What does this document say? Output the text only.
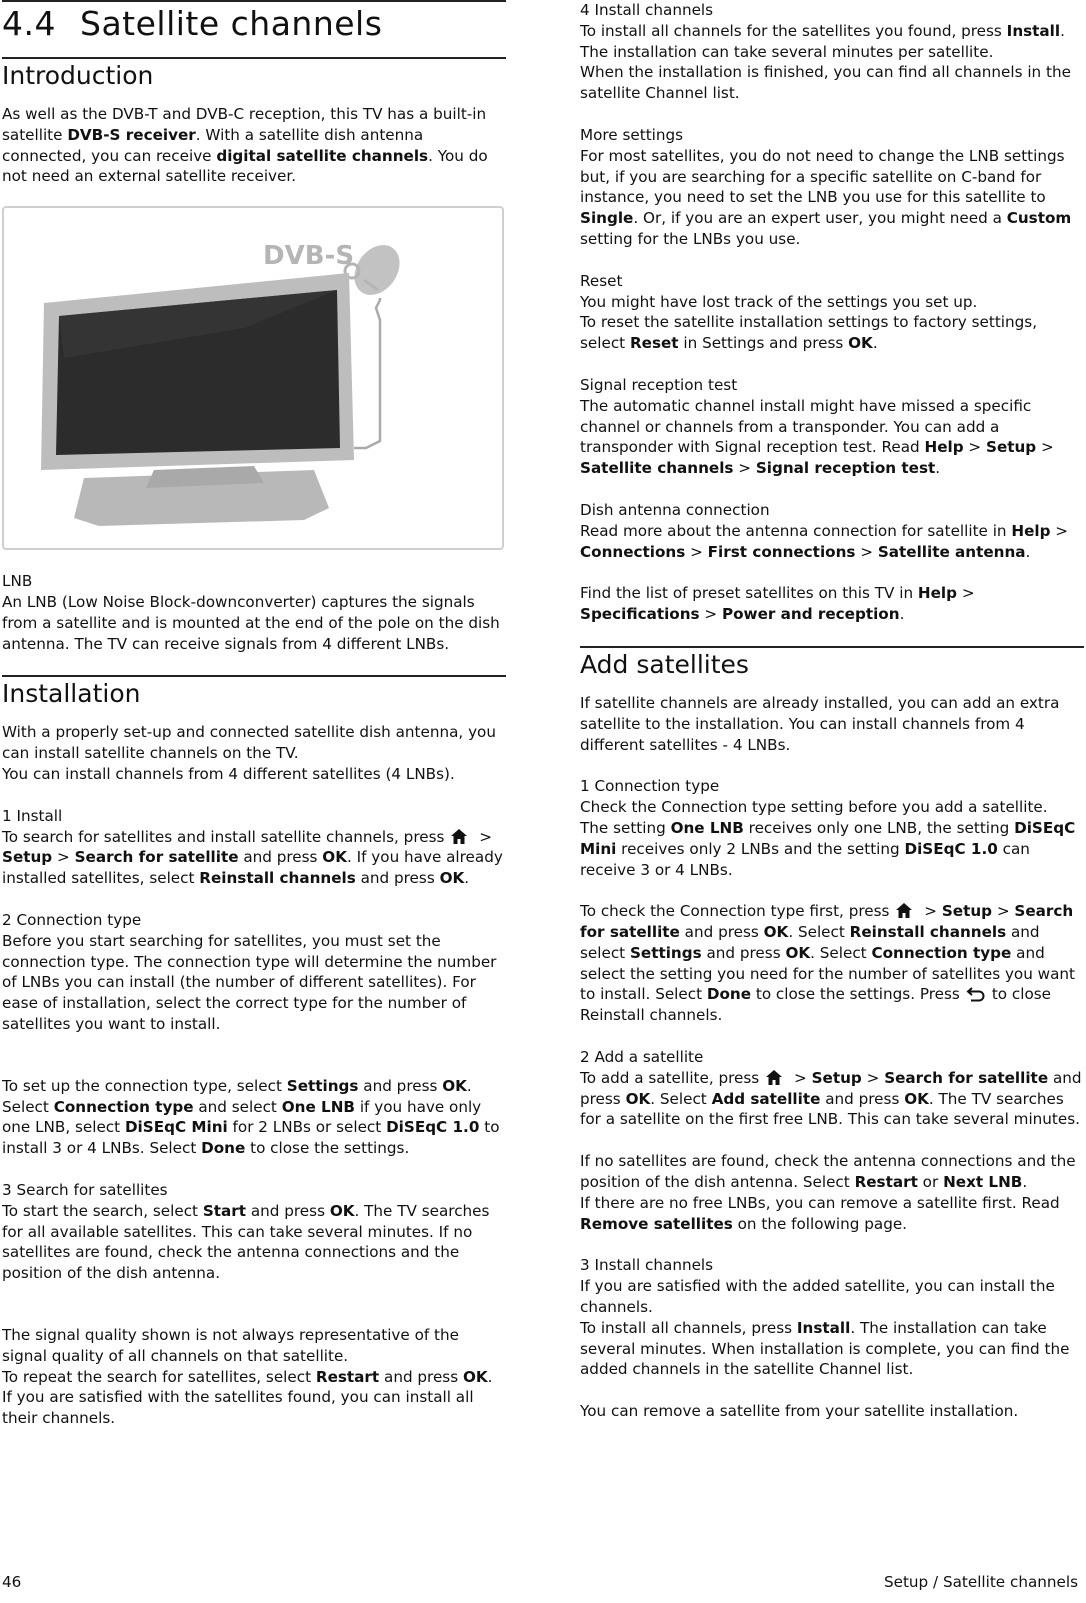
4.4 Satellite channels
Introduction

As well as the DVB-T and DVB-C reception, this TV has a built-in satellite DVB-S receiver. With a satellite dish antenna connected, you can receive digital satellite channels. You do not need an external satellite receiver.

DVB-S

LNB

An LNB (Low Noise Block-downconverter) captures the signals from a satellite and is mounted at the end of the pole on the dish antenna. The TV can receive signals from 4 different LNBs.

Installation

With a properly set-up and connected satellite dish antenna, you can install satellite channels on the TV.

You can install channels from 4 different satellites (4 LNBs).

1 Install

To search for satellites and install satellite channels, press > Setup > Search for satellite and press OK. If you have already installed satellites, select Reinstall channels and press OK.

2 Connection type

Before you start searching for satellites, you must set the connection type. The connection type will determine the number of LNBs you can install (the number of different satellites). For ease of installation, select the correct type for the number of satellites you want to install.

To set up the connection type, select Settings and press OK. Select Connection type and select One LNB if you have only one LNB, select DiSEqC Mini for 2 LNBs or select DiSEqC 1.0 to install 3 or 4 LNBs. Select Done to close the settings.

3 Search for satellites

To start the search, select Start and press OK. The TV searches for all available satellites. This can take several minutes. If no satellites are found, check the antenna connections and the position of the dish antenna.

The signal quality shown is not always representative of the signal quality of all channels on that satellite.

To repeat the search for satellites, select Restart and press OK.

If you are satisfied with the satellites found, you can install all their channels.

4 Install channels

To install all channels for the satellites you found, press Install. The installation can take several minutes per satellite.

When the installation is finished, you can find all channels in the satellite Channel list.

More settings

For most satellites, you do not need to change the LNB settings but, if you are searching for a specific satellite on C-band for instance, you need to set the LNB you use for this satellite to Single. Or, if you are an expert user, you might need a Custom setting for the LNBs you use.

Reset

You might have lost track of the settings you set up.

To reset the satellite installation settings to factory settings, select Reset in Settings and press OK.

Signal reception test

The automatic channel install might have missed a specific channel or channels from a transponder. You can add a transponder with Signal reception test. Read Help > Setup > Satellite channels > Signal reception test.

Dish antenna connection

Read more about the antenna connection for satellite in Help > Connections > First connections > Satellite antenna.

Find the list of preset satellites on this TV in Help > Specifications > Power and reception.

Add satellites

If satellite channels are already installed, you can add an extra satellite to the installation. You can install channels from 4 different satellites - 4 LNBs.

1 Connection type

Check the Connection type setting before you add a satellite.

The setting One LNB receives only one LNB, the setting DiSEqC Mini receives only 2 LNBs and the setting DiSEqC 1.0 can receive 3 or 4 LNBs.

To check the Connection type first, press > Setup > Search for satellite and press OK. Select Reinstall channels and select Settings and press OK. Select Connection type and select the setting you need for the number of satellites you want to install. Select Done to close the settings. Press to close Reinstall channels.

2 Add a satellite

To add a satellite, press > Setup > Search for satellite and press OK. Select Add satellite and press OK. The TV searches for a satellite on the first free LNB. This can take several minutes.

If no satellites are found, check the antenna connections and the position of the dish antenna. Select Restart or Next LNB.

If there are no free LNBs, you can remove a satellite first. Read Remove satellites on the following page.

3 Install channels

If you are satisfied with the added satellite, you can install the channels.

To install all channels, press Install. The installation can take several minutes. When installation is complete, you can find the added channels in the satellite Channel list.

You can remove a satellite from your satellite installation.

46	Setup / Satellite channels
